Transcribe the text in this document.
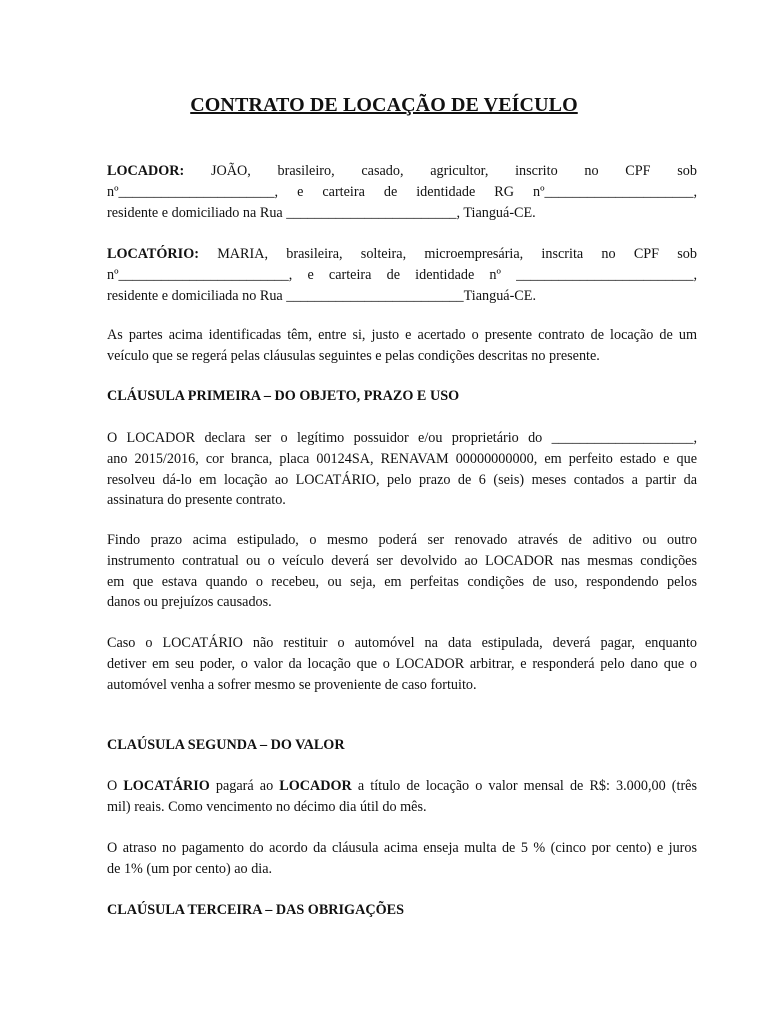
CONTRATO DE LOCAÇÃO DE VEÍCULO
LOCADOR: JOÃO, brasileiro, casado, agricultor, inscrito no CPF sob
nº______________________, e carteira de identidade RG nº_____________________,
residente e domiciliado na Rua ________________________, Tianguá-CE.
LOCATÓRIO: MARIA, brasileira, solteira, microempresária, inscrita no CPF sob
nº________________________, e carteira de identidade nº _________________________,
residente e domiciliada no Rua _________________________Tianguá-CE.
As partes acima identificadas têm, entre si, justo e acertado o presente contrato de locação de um
veículo que se regerá pelas cláusulas seguintes e pelas condições descritas no presente.
CLÁUSULA PRIMEIRA – DO OBJETO, PRAZO E USO
O LOCADOR declara ser o legítimo possuidor e/ou proprietário do ____________________,
ano 2015/2016, cor branca, placa 00124SA, RENAVAM 00000000000, em perfeito estado e que
resolveu dá-lo em locação ao LOCATÁRIO, pelo prazo de 6 (seis) meses contados a partir da
assinatura do presente contrato.
Findo prazo acima estipulado, o mesmo poderá ser renovado através de aditivo ou outro
instrumento contratual ou o veículo deverá ser devolvido ao LOCADOR nas mesmas condições
em que estava quando o recebeu, ou seja, em perfeitas condições de uso, respondendo pelos
danos ou prejuízos causados.
Caso o LOCATÁRIO não restituir o automóvel na data estipulada, deverá pagar, enquanto
detiver em seu poder, o valor da locação que o LOCADOR arbitrar, e responderá pelo dano que o
automóvel venha a sofrer mesmo se proveniente de caso fortuito.
CLAÚSULA SEGUNDA – DO VALOR
O LOCATÁRIO pagará ao LOCADOR a título de locação o valor mensal de R$: 3.000,00 (três
mil) reais. Como vencimento no décimo dia útil do mês.
O atraso no pagamento do acordo da cláusula acima enseja multa de 5 % (cinco por cento) e juros
de 1% (um por cento) ao dia.
CLAÚSULA TERCEIRA – DAS OBRIGAÇÕES
